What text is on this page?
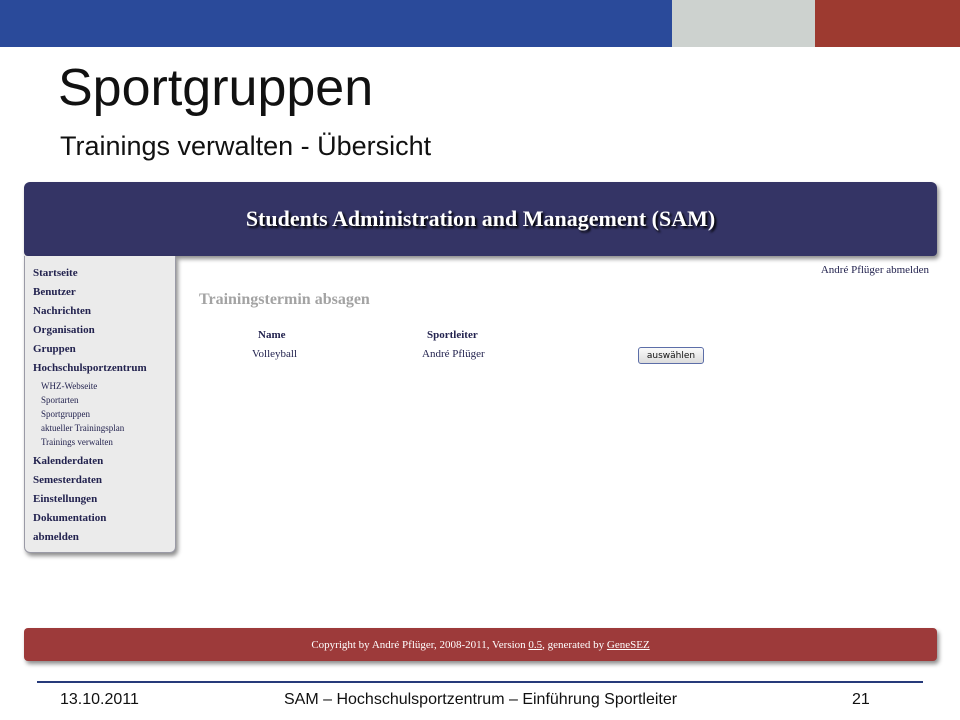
Sportgruppen
Trainings verwalten - Übersicht
Students Administration and Management (SAM)
Startseite
Benutzer
Nachrichten
Organisation
Gruppen
Hochschulsportzentrum
WHZ-Webseite
Sportarten
Sportgruppen
aktueller Trainingsplan
Trainings verwalten
Kalenderdaten
Semesterdaten
Einstellungen
Dokumentation
abmelden
André Pflüger abmelden
Trainingstermin absagen
Name	Sportleiter
Volleyball	André Pflüger	auswählen
Copyright by André Pflüger, 2008-2011, Version
0.5 , generated by
GeneSEZ
13.10.2011	SAM – Hochschulsportzentrum – Einführung Sportleiter	21
